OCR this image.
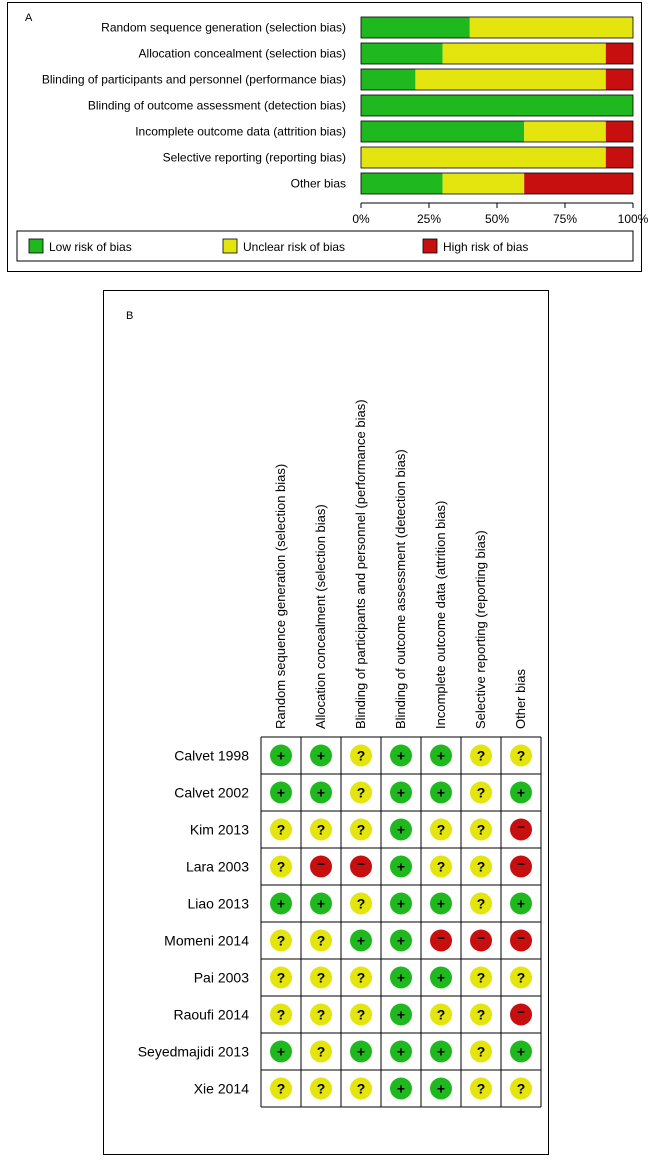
A
Random sequence generation (selection bias)
Allocation concealment (selection bias)
Blinding of participants and personnel (performance bias)
Blinding of outcome assessment (detection bias)
Incomplete outcome data (attrition bias)
Selective reporting (reporting bias)
Other bias
0%	25%	50%	75%	100%
Low risk of bias	Unclear risk of bias	High risk of bias
B
Random sequence generation (selection bias) Allocation concealment (selection bias) Blinding of participants and personnel (performance bias) Blinding of outcome assessment (detection bias) Incomplete outcome data (attrition bias) Selective reporting (reporting bias) Other bias
Calvet 1998 + + ? + + ? ?
Calvet 2002 + + ? + + ? +
Kim 2013 ? ? ? + ? ? −
Lara 2003 ? − − + ? ? −
Liao 2013 + + ? + + ? +
Momeni 2014 ? ? + + − − −
Pai 2003 ? ? ? + + ? ?
Raoufi 2014 ? ? ? + ? ? −
Seyedmajidi 2013 + ? + + + ? +
Xie 2014 ? ? ? + + ? ?
